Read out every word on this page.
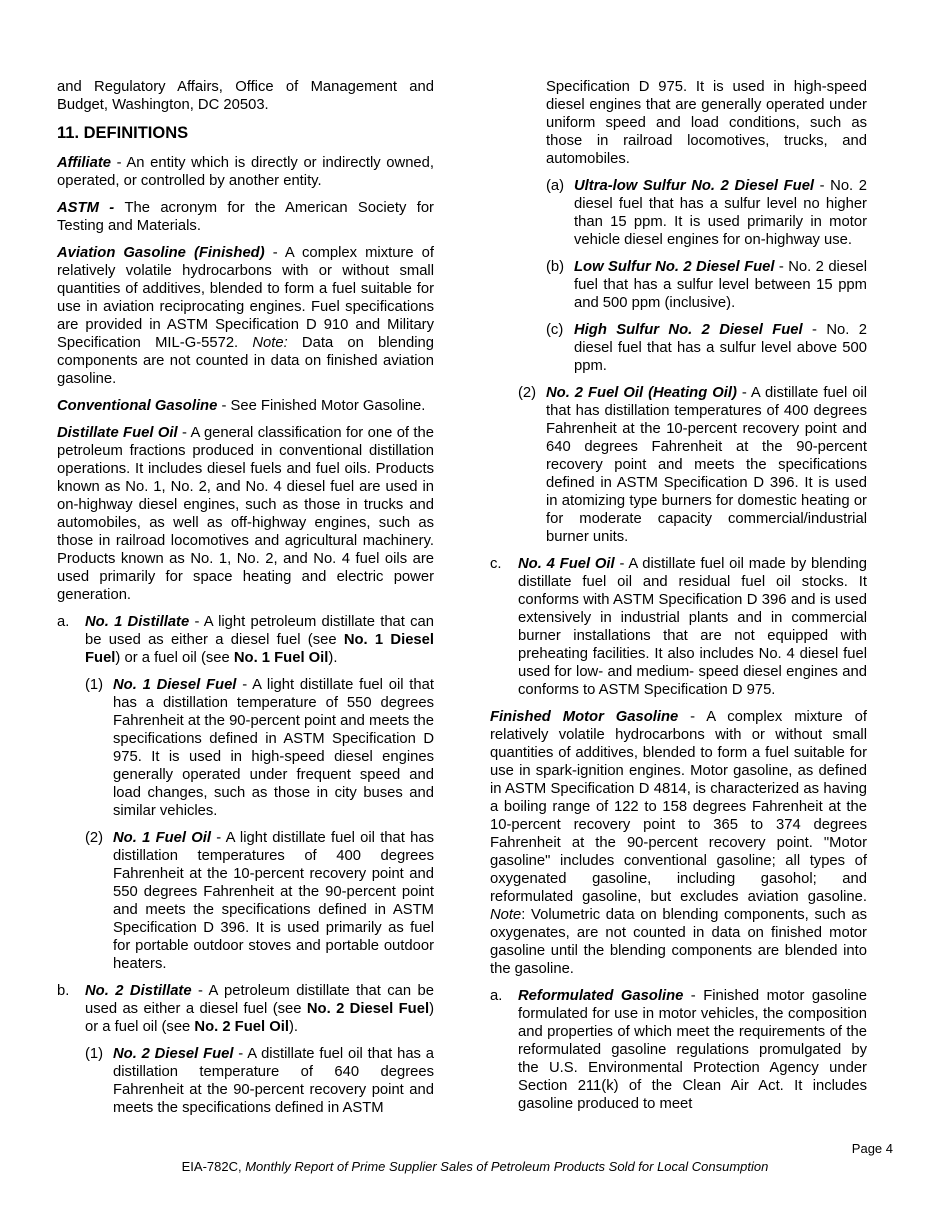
and Regulatory Affairs, Office of Management and Budget, Washington, DC 20503.

11. DEFINITIONS

Affiliate - An entity which is directly or indirectly owned, operated, or controlled by another entity.

ASTM - The acronym for the American Society for Testing and Materials.

Aviation Gasoline (Finished) - A complex mixture of relatively volatile hydrocarbons with or without small quantities of additives, blended to form a fuel suitable for use in aviation reciprocating engines. Fuel specifications are provided in ASTM Specification D 910 and Military Specification MIL-G-5572. Note: Data on blending components are not counted in data on finished aviation gasoline.

Conventional Gasoline - See Finished Motor Gasoline.

Distillate Fuel Oil - A general classification for one of the petroleum fractions produced in conventional distillation operations. It includes diesel fuels and fuel oils. Products known as No. 1, No. 2, and No. 4 diesel fuel are used in on-highway diesel engines, such as those in trucks and automobiles, as well as off-highway engines, such as those in railroad locomotives and agricultural machinery. Products known as No. 1, No. 2, and No. 4 fuel oils are used primarily for space heating and electric power generation.

a.	No. 1 Distillate - A light petroleum distillate that can be used as either a diesel fuel (see No. 1 Diesel Fuel) or a fuel oil (see No. 1 Fuel Oil).
(1) No. 1 Diesel Fuel - A light distillate fuel oil that has a distillation temperature of 550 degrees Fahrenheit at the 90-percent point and meets the specifications defined in ASTM Specification D 975. It is used in high-speed diesel engines generally operated under frequent speed and load changes, such as those in city buses and similar vehicles.
(2) No. 1 Fuel Oil - A light distillate fuel oil that has distillation temperatures of 400 degrees Fahrenheit at the 10-percent recovery point and 550 degrees Fahrenheit at the 90-percent point and meets the specifications defined in ASTM Specification D 396. It is used primarily as fuel for portable outdoor stoves and portable outdoor heaters.
b.	No. 2 Distillate - A petroleum distillate that can be used as either a diesel fuel (see No. 2 Diesel Fuel) or a fuel oil (see No. 2 Fuel Oil).
(1) No. 2 Diesel Fuel - A distillate fuel oil that has a distillation temperature of 640 degrees Fahrenheit at the 90-percent recovery point and meets the specifications defined in ASTM

Specification D 975. It is used in high-speed diesel engines that are generally operated under uniform speed and load conditions, such as those in railroad locomotives, trucks, and automobiles.

(a) Ultra-low Sulfur No. 2 Diesel Fuel - No. 2 diesel fuel that has a sulfur level no higher than 15 ppm. It is used primarily in motor vehicle diesel engines for on-highway use.
(b) Low Sulfur No. 2 Diesel Fuel - No. 2 diesel fuel that has a sulfur level between 15 ppm and 500 ppm (inclusive).
(c) High Sulfur No. 2 Diesel Fuel - No. 2 diesel fuel that has a sulfur level above 500 ppm.
(2) No. 2 Fuel Oil (Heating Oil) - A distillate fuel oil that has distillation temperatures of 400 degrees Fahrenheit at the 10-percent recovery point and 640 degrees Fahrenheit at the 90-percent recovery point and meets the specifications defined in ASTM Specification D 396. It is used in atomizing type burners for domestic heating or for moderate capacity commercial/industrial burner units.
c.	No. 4 Fuel Oil - A distillate fuel oil made by blending distillate fuel oil and residual fuel oil stocks. It conforms with ASTM Specification D 396 and is used extensively in industrial plants and in commercial burner installations that are not equipped with preheating facilities. It also includes No. 4 diesel fuel used for low- and medium- speed diesel engines and conforms to ASTM Specification D 975.

Finished Motor Gasoline - A complex mixture of relatively volatile hydrocarbons with or without small quantities of additives, blended to form a fuel suitable for use in spark-ignition engines. Motor gasoline, as defined in ASTM Specification D 4814, is characterized as having a boiling range of 122 to 158 degrees Fahrenheit at the 10-percent recovery point to 365 to 374 degrees Fahrenheit at the 90-percent recovery point. "Motor gasoline" includes conventional gasoline; all types of oxygenated gasoline, including gasohol; and reformulated gasoline, but excludes aviation gasoline. Note: Volumetric data on blending components, such as oxygenates, are not counted in data on finished motor gasoline until the blending components are blended into the gasoline.

a.	Reformulated Gasoline - Finished motor gasoline formulated for use in motor vehicles, the composition and properties of which meet the requirements of the reformulated gasoline regulations promulgated by the U.S. Environmental Protection Agency under Section 211(k) of the Clean Air Act. It includes gasoline produced to meet
Page 4
EIA-782C, Monthly Report of Prime Supplier Sales of Petroleum Products Sold for Local Consumption
